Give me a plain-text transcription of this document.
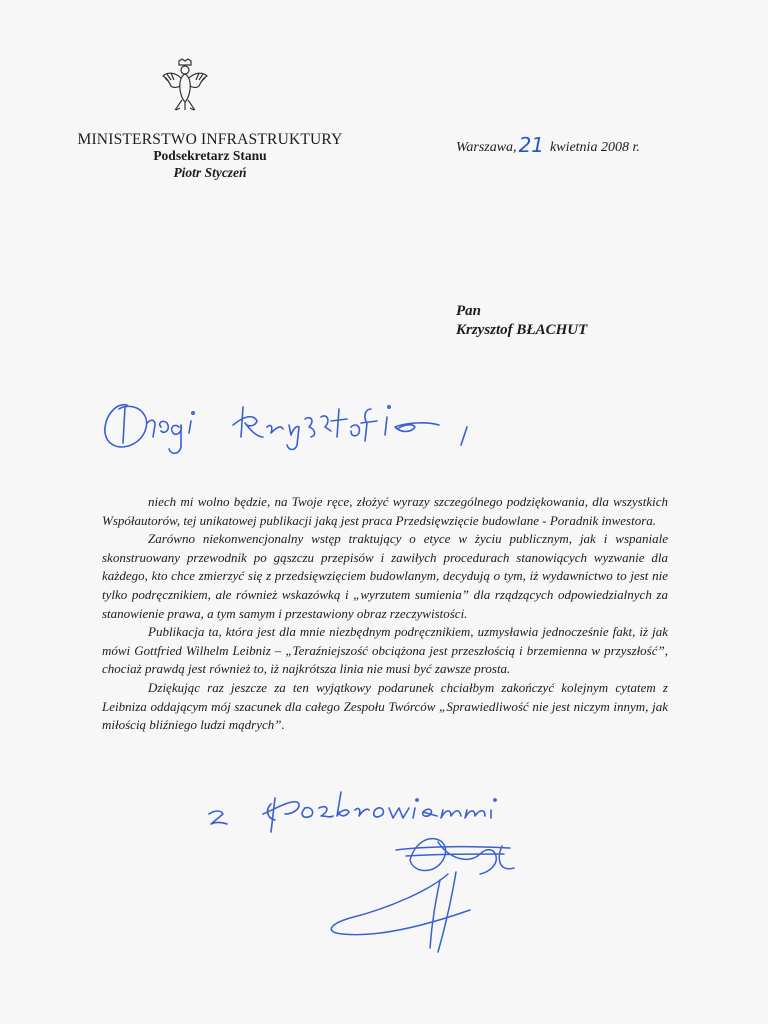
MINISTERSTWO INFRASTRUKTURY
Podsekretarz Stanu
Piotr Styczeń
Warszawa, 21 kwietnia 2008 r.
Pan
Krzysztof BŁACHUT

niech mi wolno będzie, na Twoje ręce, złożyć wyrazy szczególnego podziękowania, dla wszystkich Współautorów, tej unikatowej publikacji jaką jest praca Przedsięwzięcie budowlane - Poradnik inwestora.

Zarówno niekonwencjonalny wstęp traktujący o etyce w życiu publicznym, jak i wspaniale skonstruowany przewodnik po gąszczu przepisów i zawiłych procedurach stanowiących wyzwanie dla każdego, kto chce zmierzyć się z przedsięwzięciem budowlanym, decydują o tym, iż wydawnictwo to jest nie tylko podręcznikiem, ale również wskazówką i „wyrzutem sumienia” dla rządzących odpowiedzialnych za stanowienie prawa, a tym samym i przestawiony obraz rzeczywistości.

Publikacja ta, która jest dla mnie niezbędnym podręcznikiem, uzmysławia jednocześnie fakt, iż jak mówi Gottfried Wilhelm Leibniz – „Teraźniejszość obciążona jest przeszłością i brzemienna w przyszłość”, chociaż prawdą jest również to, iż najkrótsza linia nie musi być zawsze prosta.

Dziękując raz jeszcze za ten wyjątkowy podarunek chciałbym zakończyć kolejnym cytatem z Leibniza oddającym mój szacunek dla całego Zespołu Twórców „Sprawiedliwość nie jest niczym innym, jak miłością bliźniego ludzi mądrych”.
